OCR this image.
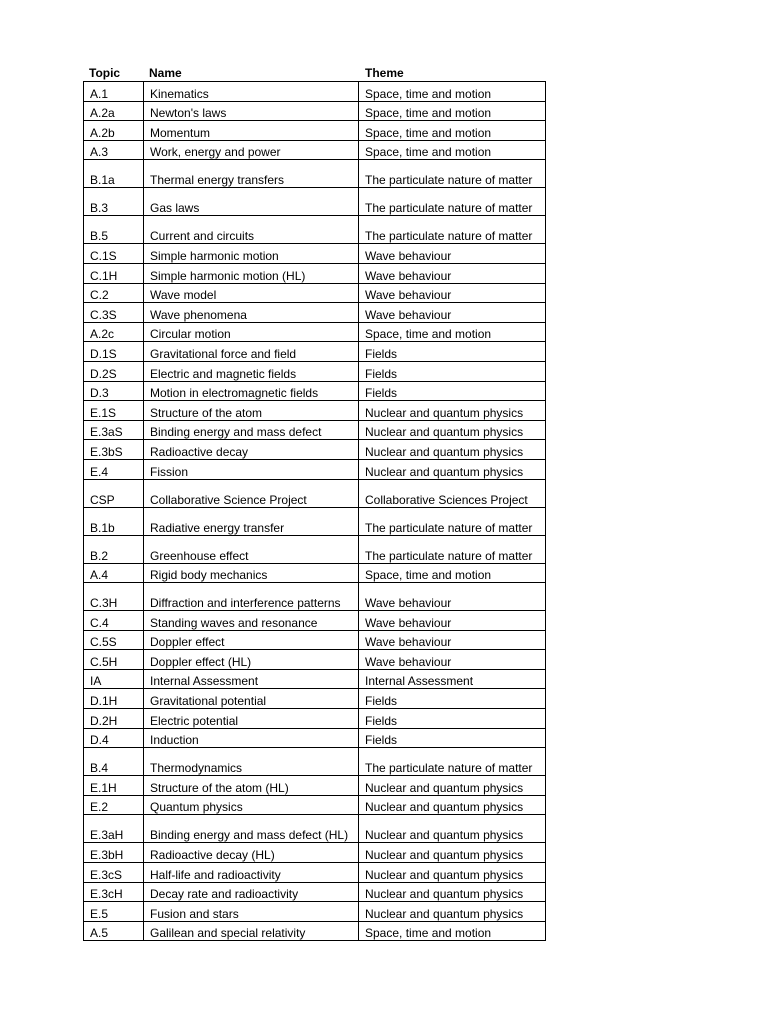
Topic	Name	Theme
A.1	Kinematics	Space, time and motion
A.2a	Newton's laws	Space, time and motion
A.2b	Momentum	Space, time and motion
A.3	Work, energy and power	Space, time and motion
B.1a	Thermal energy transfers	The particulate nature of matter
B.3	Gas laws	The particulate nature of matter
B.5	Current and circuits	The particulate nature of matter
C.1S	Simple harmonic motion	Wave behaviour
C.1H	Simple harmonic motion (HL)	Wave behaviour
C.2	Wave model	Wave behaviour
C.3S	Wave phenomena	Wave behaviour
A.2c	Circular motion	Space, time and motion
D.1S	Gravitational force and field	Fields
D.2S	Electric and magnetic fields	Fields
D.3	Motion in electromagnetic fields	Fields
E.1S	Structure of the atom	Nuclear and quantum physics
E.3aS	Binding energy and mass defect	Nuclear and quantum physics
E.3bS	Radioactive decay	Nuclear and quantum physics
E.4	Fission	Nuclear and quantum physics
CSP	Collaborative Science Project	Collaborative Sciences Project
B.1b	Radiative energy transfer	The particulate nature of matter
B.2	Greenhouse effect	The particulate nature of matter
A.4	Rigid body mechanics	Space, time and motion
C.3H	Diffraction and interference patterns	Wave behaviour
C.4	Standing waves and resonance	Wave behaviour
C.5S	Doppler effect	Wave behaviour
C.5H	Doppler effect (HL)	Wave behaviour
IA	Internal Assessment	Internal Assessment
D.1H	Gravitational potential	Fields
D.2H	Electric potential	Fields
D.4	Induction	Fields
B.4	Thermodynamics	The particulate nature of matter
E.1H	Structure of the atom (HL)	Nuclear and quantum physics
E.2	Quantum physics	Nuclear and quantum physics
E.3aH	Binding energy and mass defect (HL)	Nuclear and quantum physics
E.3bH	Radioactive decay (HL)	Nuclear and quantum physics
E.3cS	Half-life and radioactivity	Nuclear and quantum physics
E.3cH	Decay rate and radioactivity	Nuclear and quantum physics
E.5	Fusion and stars	Nuclear and quantum physics
A.5	Galilean and special relativity	Space, time and motion
